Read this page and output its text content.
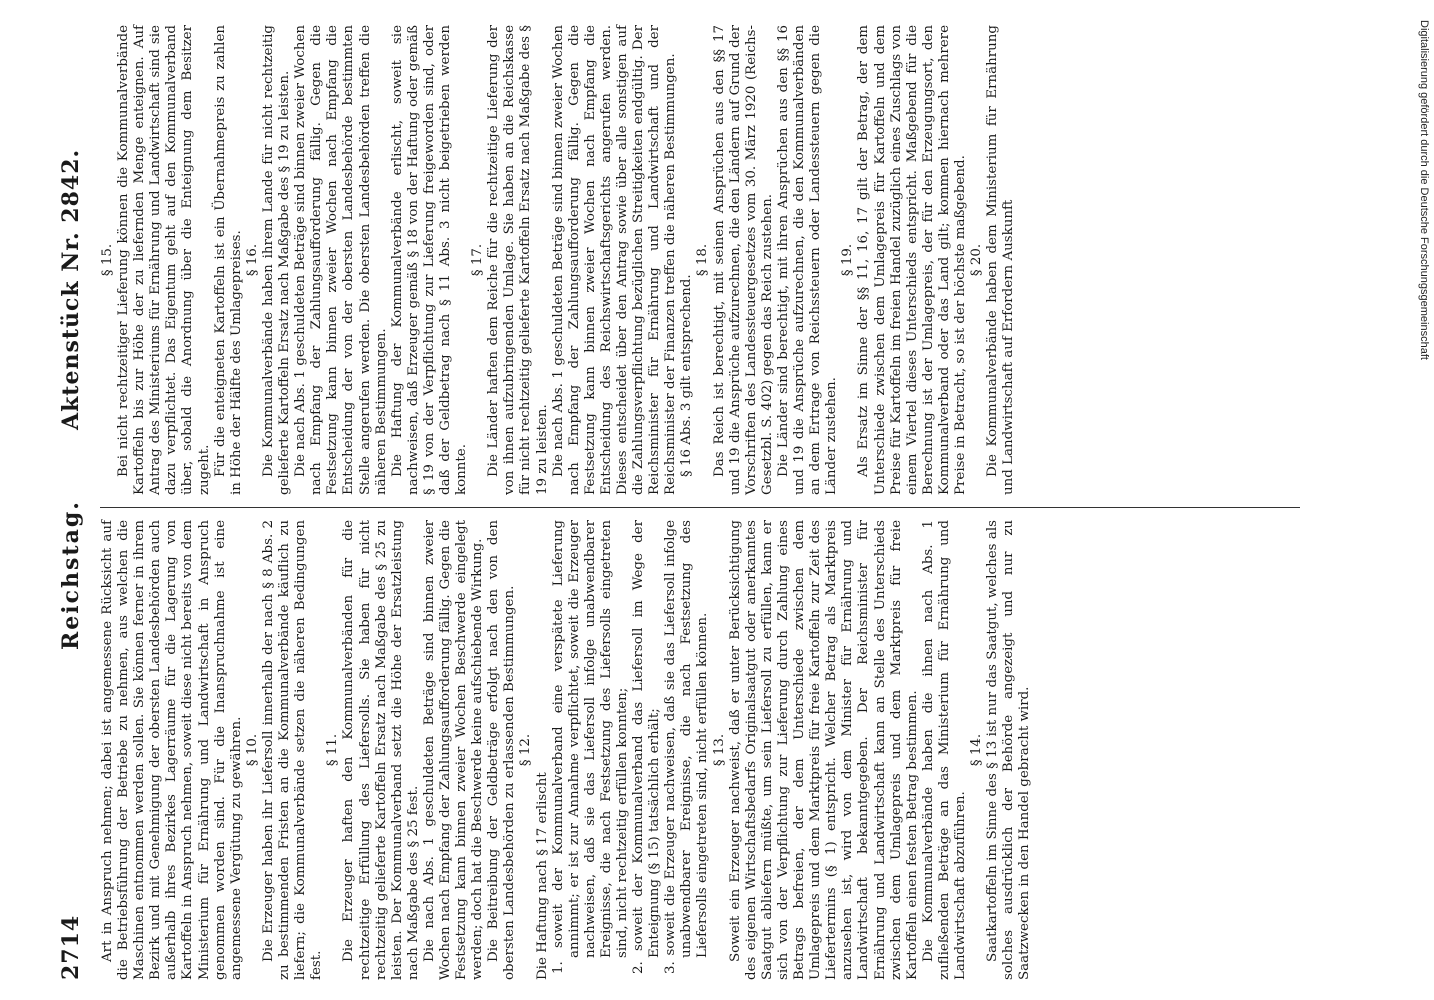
2714
Reichstag.
Aktenstück Nr. 2842.

Art in Anspruch nehmen; dabei ist angemessene Rücksicht auf die Betriebsführung der Betriebe zu nehmen, aus welchen die Maschinen entnommen werden sollen. Sie können ferner in ihrem Bezirk und mit Genehmigung der obersten Landesbehörden auch außerhalb ihres Bezirkes Lagerräume für die Lagerung von Kartoffeln in Anspruch nehmen, soweit diese nicht bereits von dem Ministerium für Ernährung und Landwirtschaft in Anspruch genommen worden sind. Für die Inanspruchnahme ist eine angemessene Vergütung zu gewähren. § 10. Die Erzeuger haben ihr Liefersoll innerhalb der nach § 8 Abs. 2 zu bestimmenden Fristen an die Kommunalverbände käuflich zu liefern; die Kommunalverbände setzen die näheren Bedingungen fest.

§ 11. Die Erzeuger haften den Kommunalverbänden für die rechtzeitige Erfüllung des Liefersolls. Sie haben für nicht rechtzeitig gelieferte Kartoffeln Ersatz nach Maßgabe des § 25 zu leisten. Der Kommunalverband setzt die Höhe der Ersatzleistung nach Maßgabe des § 25 fest. Die nach Abs. 1 geschuldeten Beträge sind binnen zweier Wochen nach Empfang der Zahlungsaufforderung fällig. Gegen die Festsetzung kann binnen zweier Wochen Beschwerde eingelegt werden; doch hat die Beschwerde keine aufschiebende Wirkung. Die Beitreibung der Geldbeträge erfolgt nach den von den obersten Landesbehörden zu erlassenden Bestimmungen. § 12.

Die Haftung nach § 17 erlischt 1. soweit der Kommunalverband eine verspätete Lieferung annimmt; er ist zur Annahme verpflichtet, soweit die Erzeuger nachweisen, daß sie das Liefersoll infolge unabwendbarer Ereignisse, die nach Festsetzung des Liefersolls eingetreten sind, nicht rechtzeitig erfüllen konnten; 2. soweit der Kommunalverband das Liefersoll im Wege der Enteignung (§ 15) tatsächlich erhält; 3. soweit die Erzeuger nachweisen, daß sie das Liefersoll infolge unabwendbarer Ereignisse, die nach Festsetzung des Liefersolls eingetreten sind, nicht erfüllen können. § 13. Soweit ein Erzeuger nachweist, daß er unter Berücksichtigung des eigenen Wirtschaftsbedarfs Originalsaatgut oder anerkanntes Saatgut abliefern müßte, um sein Liefersoll zu erfüllen, kann er sich von der Verpflichtung zur Lieferung durch Zahlung eines Betrags befreien, der dem Unterschiede zwischen dem Umlagepreis und dem Marktpreis für freie Kartoffeln zur Zeit des Liefertermins (§ 1) entspricht. Welcher Betrag als Marktpreis anzusehen ist, wird von dem Minister für Ernährung und Landwirtschaft bekanntgegeben. Der Reichsminister für Ernährung und Landwirtschaft kann an Stelle des Unterschieds zwischen dem Umlagepreis und dem Marktpreis für freie Kartoffeln einen festen Betrag bestimmen. Die Kommunalverbände haben die ihnen nach Abs. 1 zufließenden Beträge an das Ministerium für Ernährung und Landwirtschaft abzuführen.

§ 14. Saatkartoffeln im Sinne des § 13 ist nur das Saatgut, welches als solches ausdrücklich der Behörde angezeigt und nur zu Saatzwecken in den Handel gebracht wird.

§ 15. Bei nicht rechtzeitiger Lieferung können die Kommunalverbände Kartoffeln bis zur Höhe der zu liefernden Menge enteignen. Auf Antrag des Ministeriums für Ernährung und Landwirtschaft sind sie dazu verpflichtet. Das Eigentum geht auf den Kommunalverband über, sobald die Anordnung über die Enteignung dem Besitzer zugeht. Für die enteigneten Kartoffeln ist ein Übernahmepreis zu zahlen in Höhe der Hälfte des Umlagepreises. § 16. Die Kommunalverbände haben ihrem Lande für nicht rechtzeitig gelieferte Kartoffeln Ersatz nach Maßgabe des § 19 zu leisten. Die nach Abs. 1 geschuldeten Beträge sind binnen zweier Wochen nach Empfang der Zahlungsaufforderung fällig. Gegen die Festsetzung kann binnen zweier Wochen nach Empfang die Entscheidung der von der obersten Landesbehörde bestimmten Stelle angerufen werden. Die obersten Landesbehörden treffen die näheren Bestimmungen. Die Haftung der Kommunalverbände erlischt, soweit sie nachweisen, daß Erzeuger gemäß § 18 von der Haftung oder gemäß § 19 von der Verpflichtung zur Lieferung freigeworden sind, oder daß der Geldbetrag nach § 11 Abs. 3 nicht beigetrieben werden konnte.

§ 17. Die Länder haften dem Reiche für die rechtzeitige Lieferung der von ihnen aufzubringenden Umlage. Sie haben an die Reichskasse für nicht rechtzeitig gelieferte Kartoffeln Ersatz nach Maßgabe des § 19 zu leisten. Die nach Abs. 1 geschuldeten Beträge sind binnen zweier Wochen nach Empfang der Zahlungsaufforderung fällig. Gegen die Festsetzung kann binnen zweier Wochen nach Empfang die Entscheidung des Reichswirtschaftsgerichts angerufen werden. Dieses entscheidet über den Antrag sowie über alle sonstigen auf die Zahlungsverpflichtung bezüglichen Streitigkeiten endgültig. Der Reichsminister für Ernährung und Landwirtschaft und der Reichsminister der Finanzen treffen die näheren Bestimmungen. § 16 Abs. 3 gilt entsprechend.

§ 18. Das Reich ist berechtigt, mit seinen Ansprüchen aus den §§ 17 und 19 die Ansprüche aufzurechnen, die den Ländern auf Grund der Vorschriften des Landessteuergesetzes vom 30. März 1920 (Reichs-Gesetzbl. S. 402) gegen das Reich zustehen. Die Länder sind berechtigt, mit ihren Ansprüchen aus den §§ 16 und 19 die Ansprüche aufzurechnen, die den Kommunalverbänden an dem Ertrage von Reichssteuern oder Landessteuern gegen die Länder zustehen.

§ 19. Als Ersatz im Sinne der §§ 11, 16, 17 gilt der Betrag, der dem Unterschiede zwischen dem Umlagepreis für Kartoffeln und dem Preise für Kartoffeln im freien Handel zuzüglich eines Zuschlags von einem Viertel dieses Unterschieds entspricht. Maßgebend für die Berechnung ist der Umlagepreis, der für den Erzeugungsort, den Kommunalverband oder das Land gilt; kommen hiernach mehrere Preise in Betracht, so ist der höchste maßgebend. § 20. Die Kommunalverbände haben dem Ministerium für Ernährung und Landwirtschaft auf Erfordern Auskunft	Digitalisierung gefördert durch die Deutsche Forschungsgemeinschaft
